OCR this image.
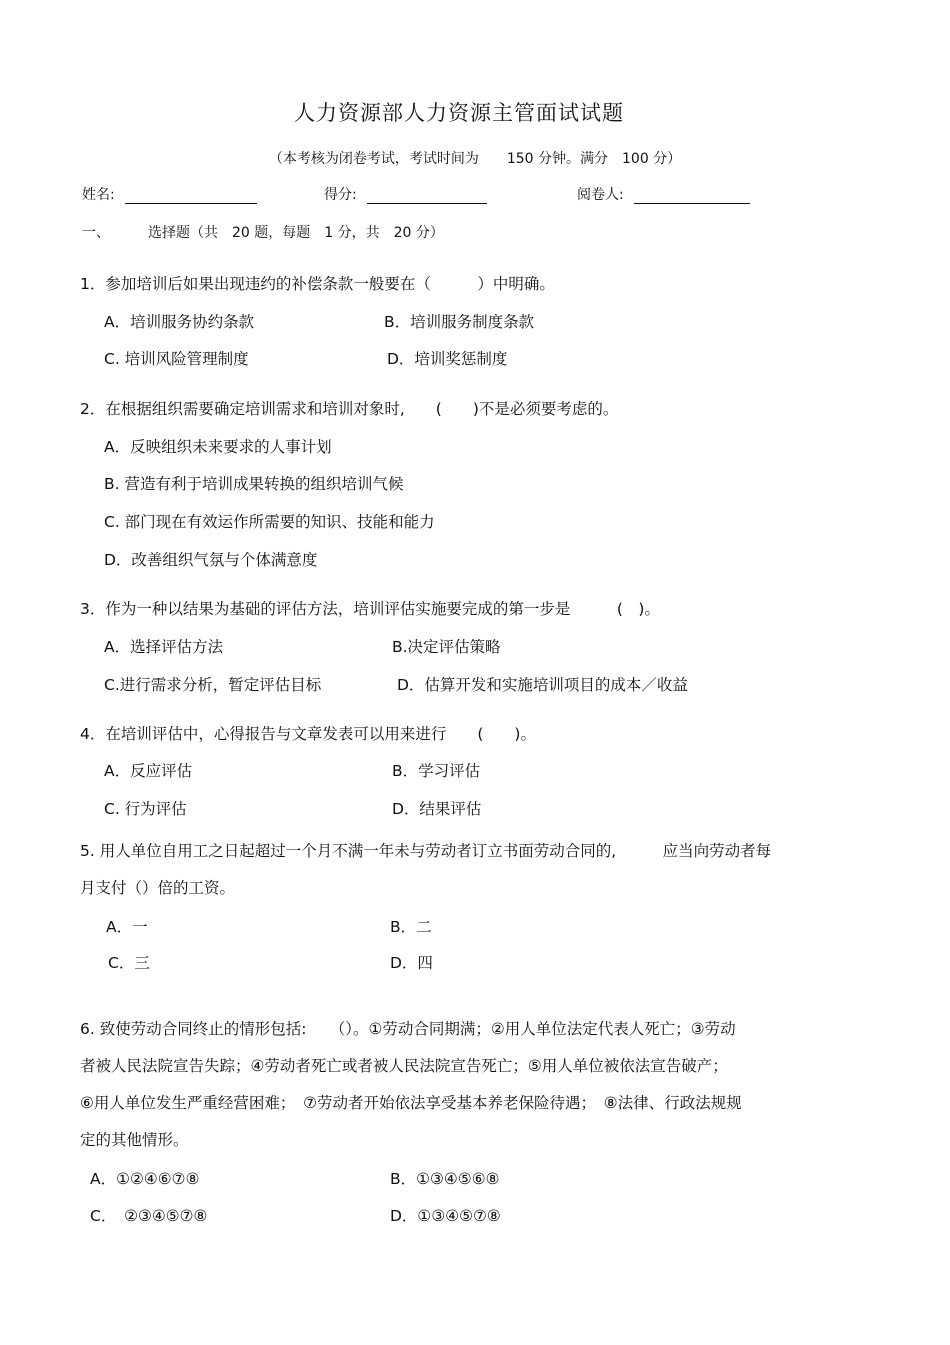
人力资源部人力资源主管面试试题
（本考核为闭卷考试，考试时间为　　150 分钟。满分　100 分）
姓名:	得分:	阅卷人:
一、	选择题（共　20 题，每题　1 分，共　20 分）
1．参加培训后如果出现违约的补偿条款一般要在（　　　）中明确。
A．培训服务协约条款	B．培训服务制度条款
C. 培训风险管理制度	D．培训奖惩制度
2．在根据组织需要确定培训需求和培训对象时,　　(　　)不是必须要考虑的。
A．反映组织未来要求的人事计划
B. 营造有利于培训成果转换的组织培训气候
C. 部门现在有效运作所需要的知识、技能和能力
D．改善组织气氛与个体满意度
3．作为一种以结果为基础的评估方法，培训评估实施要完成的第一步是　　　(　)。
A．选择评估方法	B.决定评估策略
C.进行需求分析，暂定评估目标	D．估算开发和实施培训项目的成本／收益
4．在培训评估中，心得报告与文章发表可以用来进行　　(　　)。
A．反应评估	B．学习评估
C. 行为评估	D．结果评估
5. 用人单位自用工之日起超过一个月不满一年未与劳动者订立书面劳动合同的,　　　应当向劳动者每
月支付（）倍的工资。
A．一	B．二
C．三	D．四
6. 致使劳动合同终止的情形包括:　　（）。①劳动合同期满；②用人单位法定代表人死亡；③劳动
者被人民法院宣告失踪；④劳动者死亡或者被人民法院宣告死亡；⑤用人单位被依法宣告破产；
⑥用人单位发生严重经营困难；　⑦劳动者开始依法享受基本养老保险待遇；　⑧法律、行政法规规
定的其他情形。
A．①②④⑥⑦⑧	B．①③④⑤⑥⑧
C．　②③④⑤⑦⑧	D．①③④⑤⑦⑧
